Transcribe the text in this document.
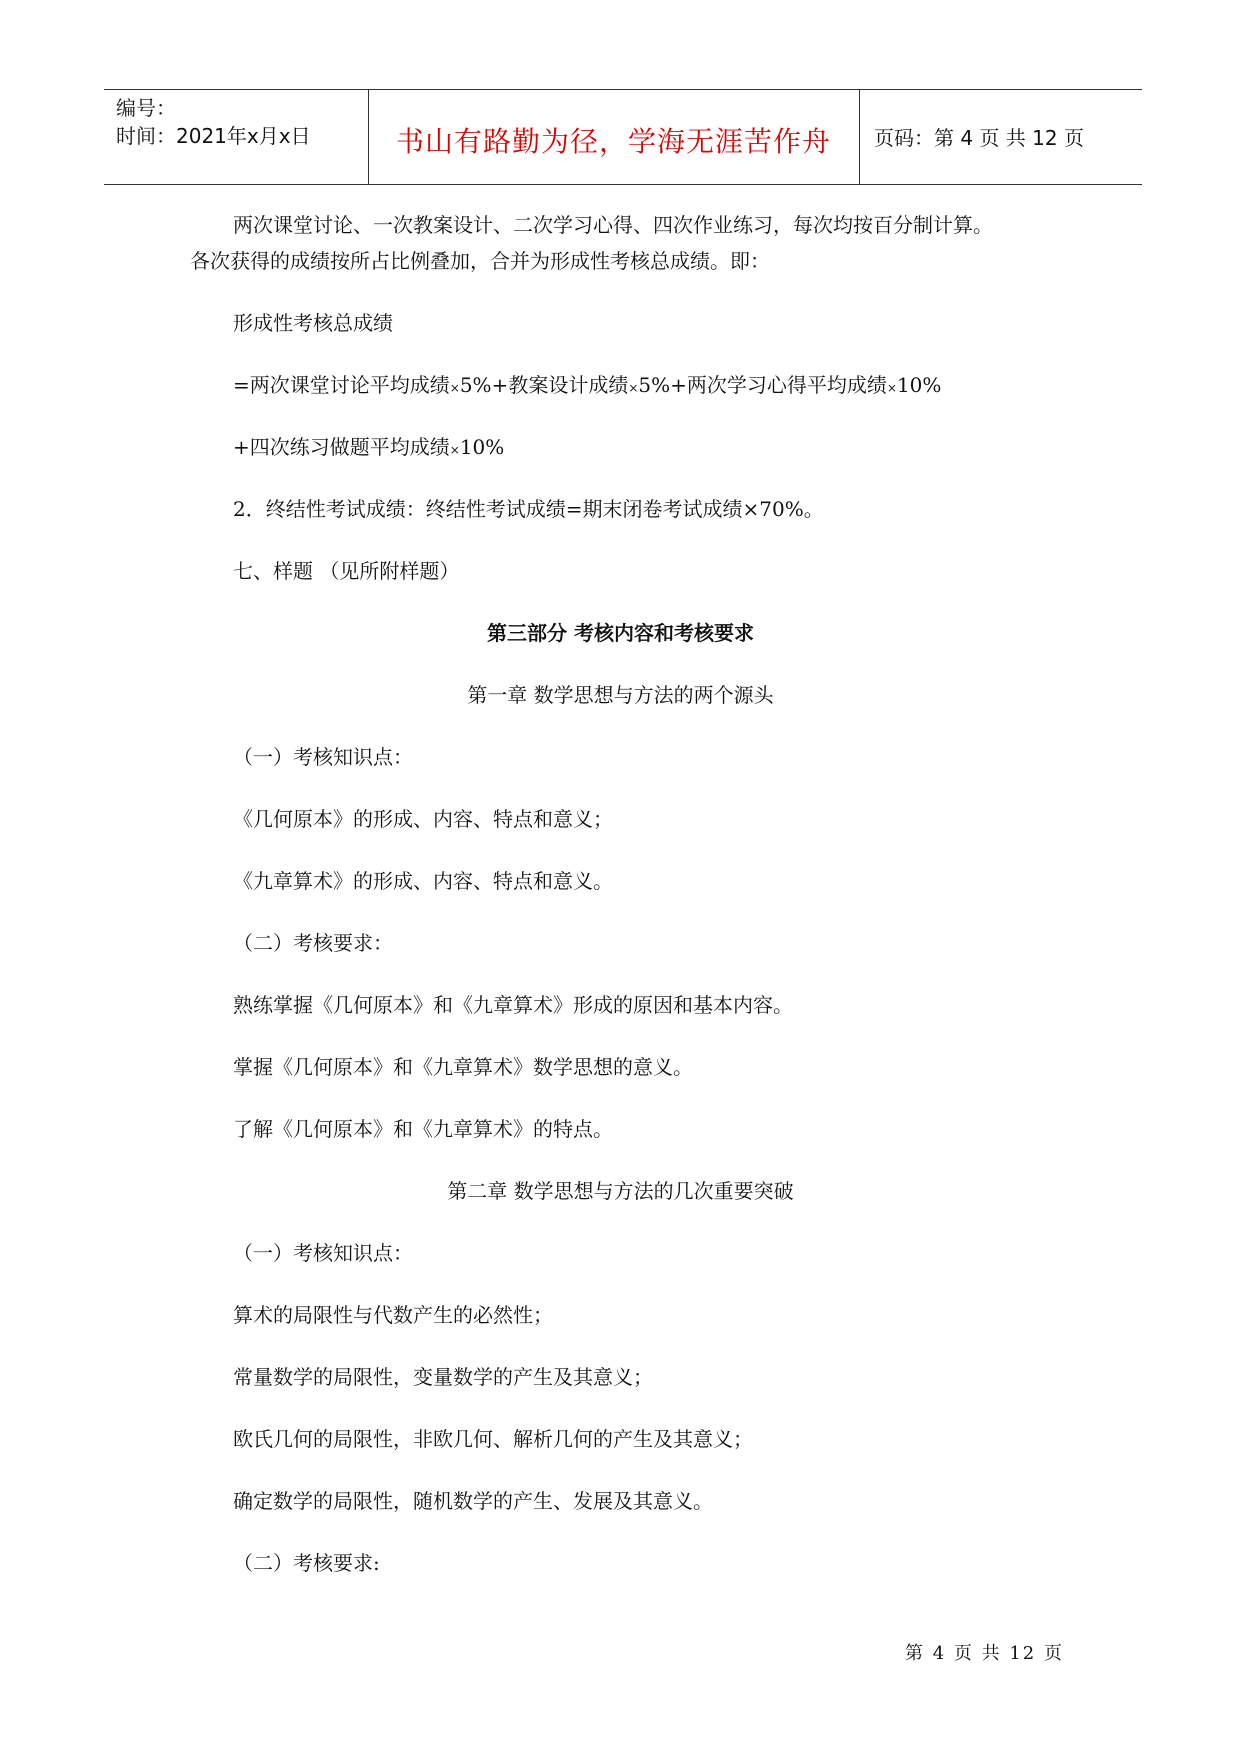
编号：
时间：2021年x月x日	书山有路勤为径，学海无涯苦作舟	页码：第 4 页 共 12 页
两次课堂讨论、一次教案设计、二次学习心得、四次作业练习，每次均按百分制计算。
各次获得的成绩按所占比例叠加，合并为形成性考核总成绩。即：
形成性考核总成绩
=两次课堂讨论平均成绩×5%+教案设计成绩×5%+两次学习心得平均成绩×10%
+四次练习做题平均成绩×10%
2．终结性考试成绩：终结性考试成绩=期末闭卷考试成绩×70%。
七、样题 （见所附样题）
第三部分 考核内容和考核要求
第一章 数学思想与方法的两个源头
（一）考核知识点：
《几何原本》的形成、内容、特点和意义；
《九章算术》的形成、内容、特点和意义。
（二）考核要求：
熟练掌握《几何原本》和《九章算术》形成的原因和基本内容。
掌握《几何原本》和《九章算术》数学思想的意义。
了解《几何原本》和《九章算术》的特点。
第二章 数学思想与方法的几次重要突破
（一）考核知识点：
算术的局限性与代数产生的必然性；
常量数学的局限性，变量数学的产生及其意义；
欧氏几何的局限性，非欧几何、解析几何的产生及其意义；
确定数学的局限性，随机数学的产生、发展及其意义。
（二）考核要求:
第 4 页 共 12 页
